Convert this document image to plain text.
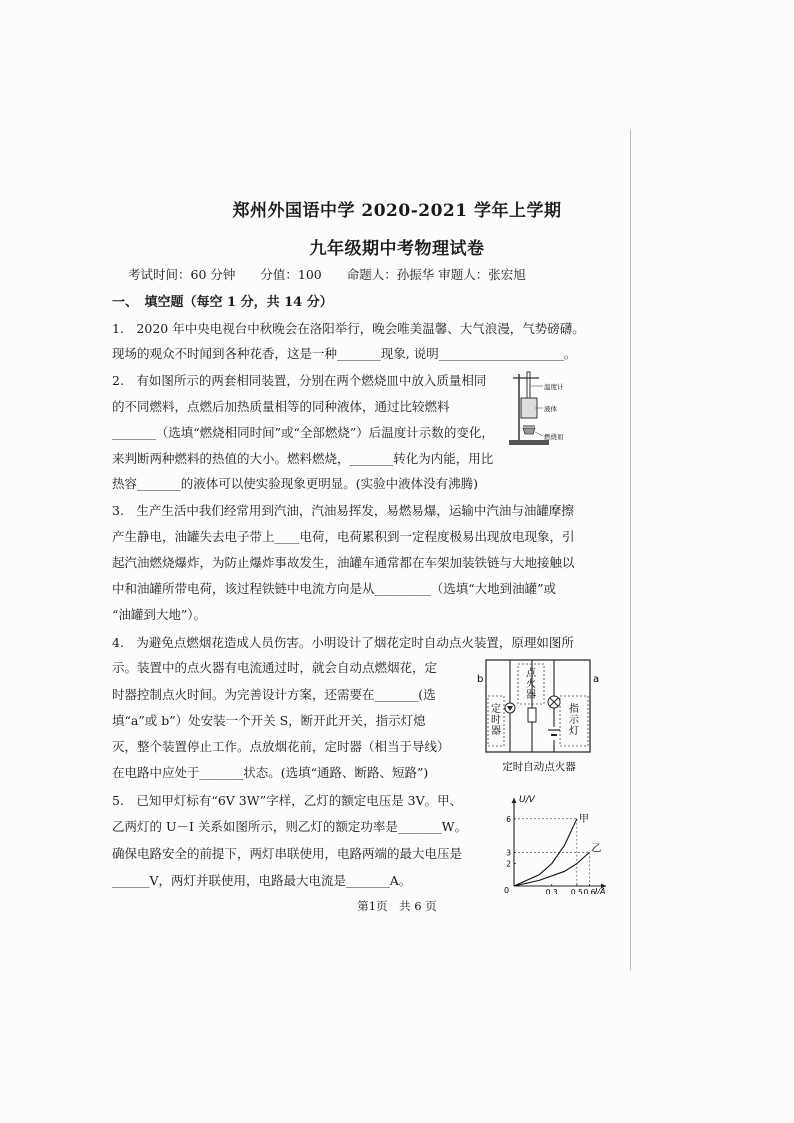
郑州外国语中学 2020-2021 学年上学期
九年级期中考物理试卷
考试时间：60 分钟　　分值：100　　命题人：孙振华 审题人：张宏旭
一、　填空题（每空 1 分，共 14 分）
1.　2020 年中央电视台中秋晚会在洛阳举行，晚会唯美温馨、大气浪漫，气势磅礴。
现场的观众不时闻到各种花香，这是一种_______现象, 说明____________________。
2.　有如图所示的两套相同装置，分别在两个燃烧皿中放入质量相同
的不同燃料，点燃后加热质量相等的同种液体，通过比较燃料
_______（选填“燃烧相同时间”或“全部燃烧”）后温度计示数的变化，
来判断两种燃料的热值的大小。燃料燃烧，_______转化为内能，用比
热容_______的液体可以使实验现象更明显。(实验中液体没有沸腾)
3.　生产生活中我们经常用到汽油，汽油易挥发，易燃易爆，运输中汽油与油罐摩擦
产生静电，油罐失去电子带上____电荷，电荷累积到一定程度极易出现放电现象，引
起汽油燃烧爆炸，为防止爆炸事故发生，油罐车通常都在车架加装铁链与大地接触以
中和油罐所带电荷，该过程铁链中电流方向是从_________（选填“大地到油罐”或
“油罐到大地”）。
4.　为避免点燃烟花造成人员伤害。小明设计了烟花定时自动点火装置，原理如图所
示。装置中的点火器有电流通过时，就会自动点燃烟花，定
时器控制点火时间。为完善设计方案，还需要在_______(选
填“a”或 b”）处安装一个开关 S，断开此开关，指示灯熄
灭，整个装置停止工作。点放烟花前，定时器（相当于导线）
在电路中应处于_______状态。(选填“通路、断路、短路”)
5.　已知甲灯标有“6V 3W”字样，乙灯的额定电压是 3V。甲、
乙两灯的 U－I 关系如图所示，则乙灯的额定功率是_______W。
确保电路安全的前提下，两灯串联使用，电路两端的最大电压是
______V，两灯并联使用，电路最大电流是_______A。
温度计
液体
燃烧皿
b	a
点
火
器
定
时
器
指
示
灯
定时自动点火器
U/V
I/A
0
甲
乙
0.3 0.5 0.6
6
3
2
第1页　共 6 页
